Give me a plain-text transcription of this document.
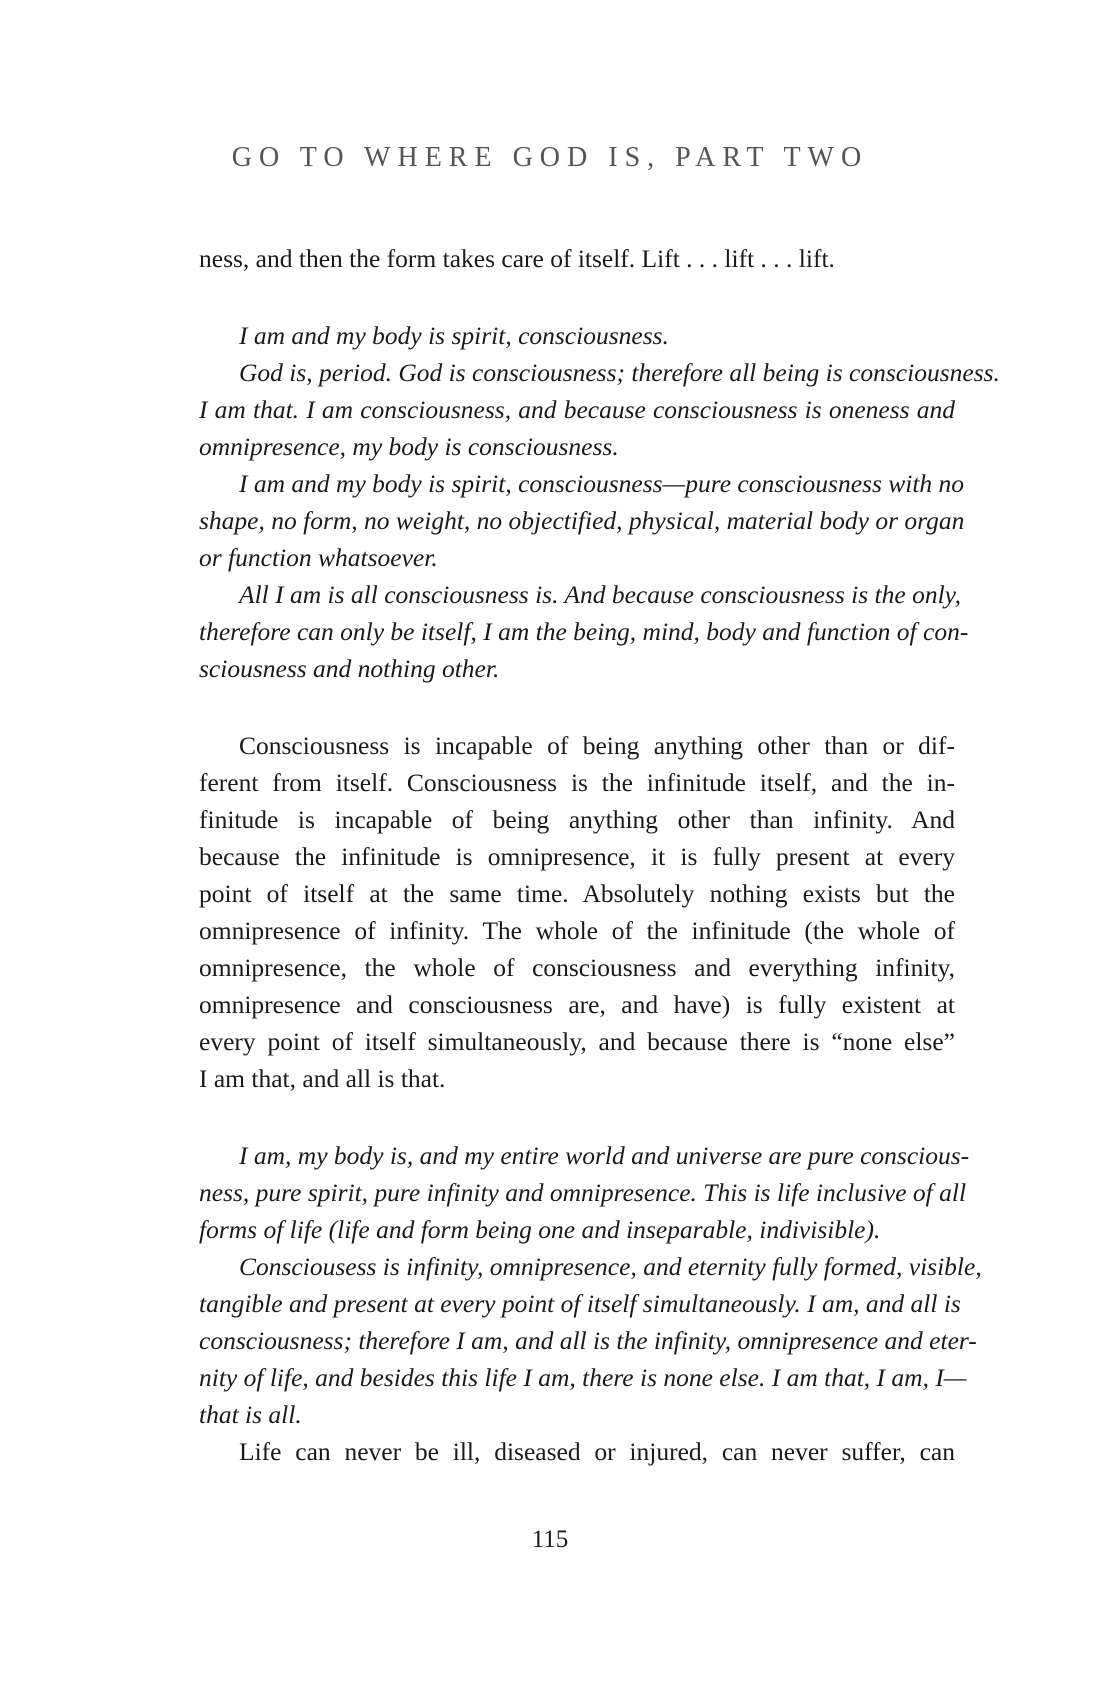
GO TO WHERE GOD IS, PART TWO
ness, and then the form takes care of itself. Lift . . . lift . . . lift.
I am and my body is spirit, consciousness.
God is, period. God is consciousness; therefore all being is consciousness.
I am that. I am consciousness, and because consciousness is oneness and
omnipresence, my body is consciousness.
I am and my body is spirit, consciousness—pure consciousness with no
shape, no form, no weight, no objectified, physical, material body or organ
or function whatsoever.
All I am is all consciousness is. And because consciousness is the only,
therefore can only be itself, I am the being, mind, body and function of con-
sciousness and nothing other.
Consciousness is incapable of being anything other than or dif-
ferent from itself. Consciousness is the infinitude itself, and the in-
finitude is incapable of being anything other than infinity. And
because the infinitude is omnipresence, it is fully present at every
point of itself at the same time. Absolutely nothing exists but the
omnipresence of infinity. The whole of the infinitude (the whole of
omnipresence, the whole of consciousness and everything infinity,
omnipresence and consciousness are, and have) is fully existent at
every point of itself simultaneously, and because there is “none else”
I am that, and all is that.
I am, my body is, and my entire world and universe are pure conscious-
ness, pure spirit, pure infinity and omnipresence. This is life inclusive of all
forms of life (life and form being one and inseparable, indivisible).
Consciousess is infinity, omnipresence, and eternity fully formed, visible,
tangible and present at every point of itself simultaneously. I am, and all is
consciousness; therefore I am, and all is the infinity, omnipresence and eter-
nity of life, and besides this life I am, there is none else. I am that, I am, I—
that is all.
Life can never be ill, diseased or injured, can never suffer, can
115
